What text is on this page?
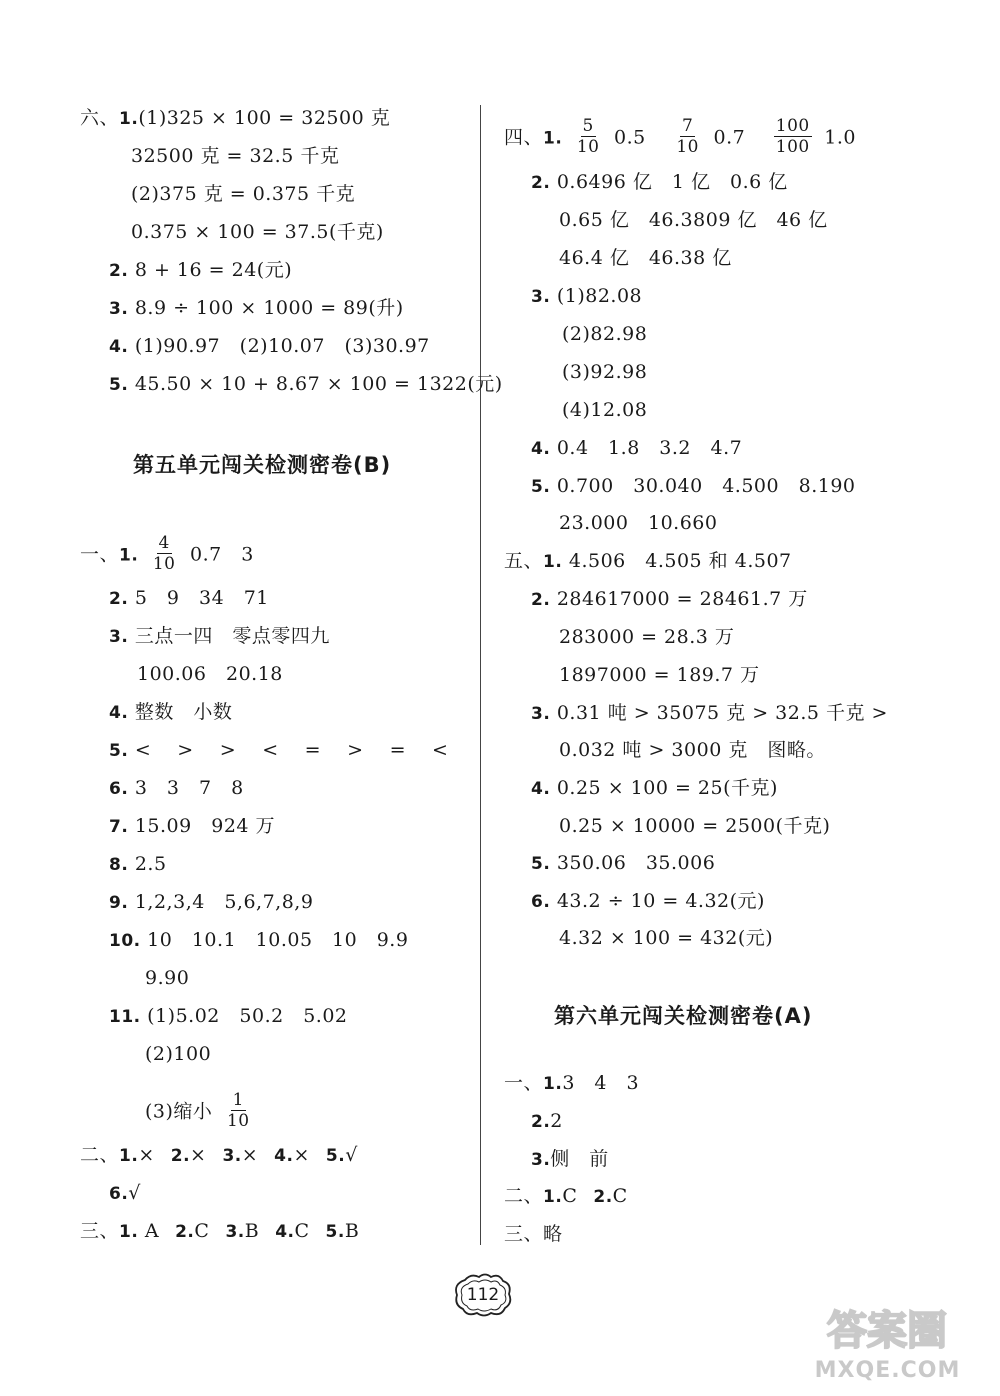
六、1.(1)325 × 100 = 32500 克
32500 克 = 32.5 千克
(2)375 克 = 0.375 千克
0.375 × 100 = 37.5(千克)
2. 8 + 16 = 24(元)
3. 8.9 ÷ 100 × 1000 = 89(升)
4. (1)90.97　(2)10.07　(3)30.97
5. 45.50 × 10 + 8.67 × 100 = 1322(元)
第五单元闯关检测密卷(B)
一、1. $\frac{4}{10} 0.7$　3
2. 5　9　34　71
3. 三点一四　零点零四九
100.06　20.18
4. 整数　小数
5. <　 >　 >　 <　 =　 >　 =　 <
6. 3　3　7　8
7. 15.09　924 万
8. 2.5
9. 1,2,3,4　5,6,7,8,9
10. 10　10.1　10.05　10　9.9
9.90
11. (1)5.02　50.2　5.02
(2)100
(3)缩小 $\frac{1}{10}$
二、1.× 2.× 3.× 4.× 5.√
6.√
三、1. A 2.C 3.B 4.C 5.B
四、1. $\frac{5}{10} 0.5 \frac{7}{10} 0.7 \frac{100}{100} 1.0$
2. 0.6496 亿　1 亿　0.6 亿
0.65 亿　46.3809 亿　46 亿
46.4 亿　46.38 亿
3. (1)82.08
(2)82.98
(3)92.98
(4)12.08
4. 0.4　1.8　3.2　4.7
5. 0.700　30.040　4.500　8.190
23.000　10.660
五、1. 4.506　4.505 和 4.507
2. 284617000 = 28461.7 万
283000 = 28.3 万
1897000 = 189.7 万
3. 0.31 吨 > 35075 克 > 32.5 千克 >
0.032 吨 > 3000 克　图略。
4. 0.25 × 100 = 25(千克)
0.25 × 10000 = 2500(千克)
5. 350.06　35.006
6. 43.2 ÷ 10 = 4.32(元)
4.32 × 100 = 432(元)
第六单元闯关检测密卷(A)
一、1.3　4　3
2.2
3.侧　前
二、1.C 2.C
三、略
112
答案圈
MXQE.COM
